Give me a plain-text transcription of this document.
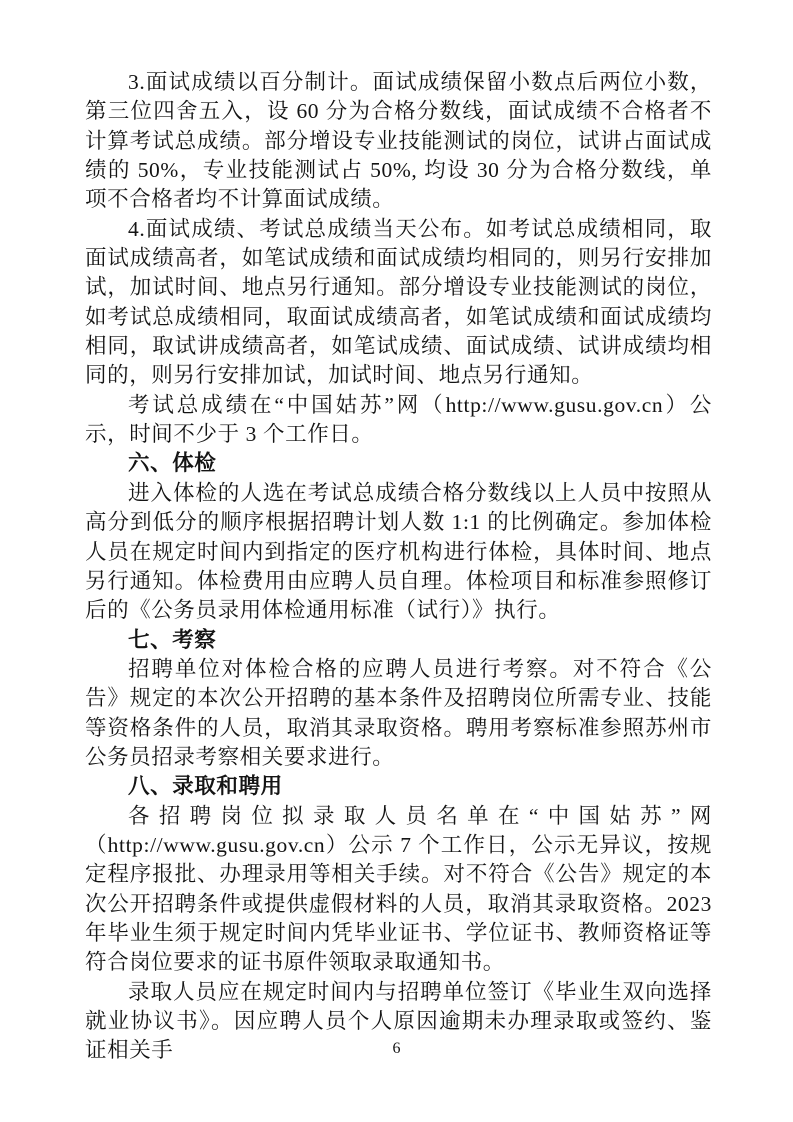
3.面试成绩以百分制计。面试成绩保留小数点后两位小数，第三位四舍五入，设 60 分为合格分数线，面试成绩不合格者不计算考试总成绩。部分增设专业技能测试的岗位，试讲占面试成绩的 50%，专业技能测试占 50%, 均设 30 分为合格分数线，单项不合格者均不计算面试成绩。

4.面试成绩、考试总成绩当天公布。如考试总成绩相同，取面试成绩高者，如笔试成绩和面试成绩均相同的，则另行安排加试，加试时间、地点另行通知。部分增设专业技能测试的岗位，如考试总成绩相同，取面试成绩高者，如笔试成绩和面试成绩均相同，取试讲成绩高者，如笔试成绩、面试成绩、试讲成绩均相同的，则另行安排加试，加试时间、地点另行通知。

考试总成绩在“中国姑苏”网（http://www.gusu.gov.cn）公示，时间不少于 3 个工作日。

六、体检

进入体检的人选在考试总成绩合格分数线以上人员中按照从高分到低分的顺序根据招聘计划人数 1:1 的比例确定。参加体检人员在规定时间内到指定的医疗机构进行体检，具体时间、地点另行通知。体检费用由应聘人员自理。体检项目和标准参照修订后的《公务员录用体检通用标准（试行）》执行。

七、考察

招聘单位对体检合格的应聘人员进行考察。对不符合《公告》规定的本次公开招聘的基本条件及招聘岗位所需专业、技能等资格条件的人员，取消其录取资格。聘用考察标准参照苏州市公务员招录考察相关要求进行。

八、录取和聘用

各招聘岗位拟录取人员名单在“中国姑苏”网（http://www.gusu.gov.cn）公示 7 个工作日，公示无异议，按规定程序报批、办理录用等相关手续。对不符合《公告》规定的本次公开招聘条件或提供虚假材料的人员，取消其录取资格。2023 年毕业生须于规定时间内凭毕业证书、学位证书、教师资格证等符合岗位要求的证书原件领取录取通知书。

录取人员应在规定时间内与招聘单位签订《毕业生双向选择就业协议书》。因应聘人员个人原因逾期未办理录取或签约、鉴证相关手	6
